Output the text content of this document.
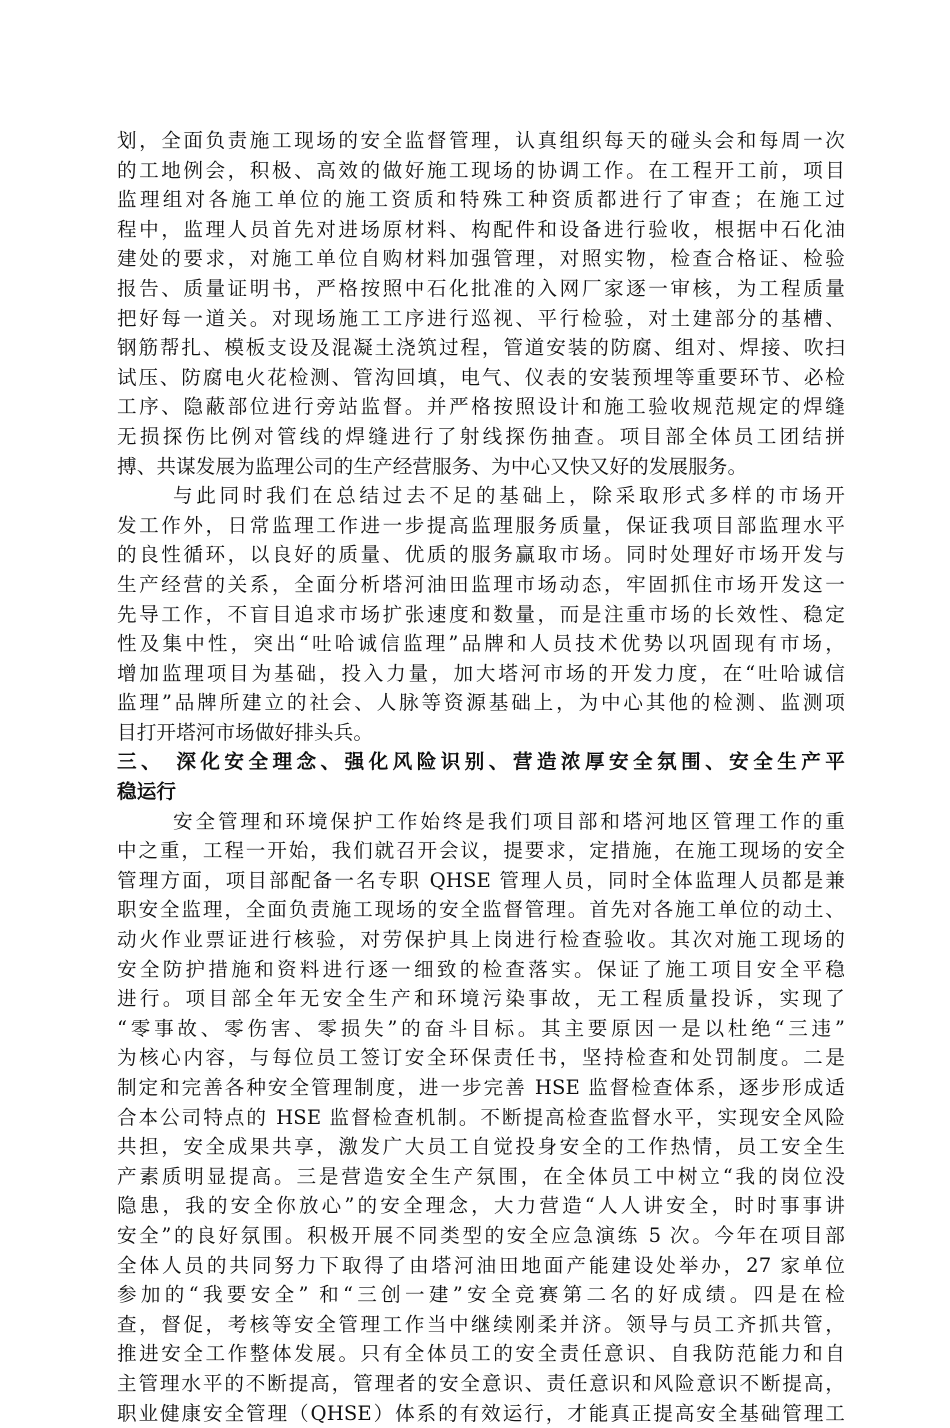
划，全面负责施工现场的安全监督管理，认真组织每天的碰头会和每周一次
的工地例会，积极、高效的做好施工现场的协调工作。在工程开工前，项目
监理组对各施工单位的施工资质和特殊工种资质都进行了审查；在施工过
程中，监理人员首先对进场原材料、构配件和设备进行验收，根据中石化油
建处的要求，对施工单位自购材料加强管理，对照实物，检查合格证、检验
报告、质量证明书，严格按照中石化批准的入网厂家逐一审核，为工程质量
把好每一道关。对现场施工工序进行巡视、平行检验，对土建部分的基槽、
钢筋帮扎、模板支设及混凝土浇筑过程，管道安装的防腐、组对、焊接、吹扫
试压、防腐电火花检测、管沟回填，电气、仪表的安装预埋等重要环节、必检
工序、隐蔽部位进行旁站监督。并严格按照设计和施工验收规范规定的焊缝
无损探伤比例对管线的焊缝进行了射线探伤抽查。项目部全体员工团结拼
搏、共谋发展为监理公司的生产经营服务、为中心又快又好的发展服务。
与此同时我们在总结过去不足的基础上，除采取形式多样的市场开
发工作外，日常监理工作进一步提高监理服务质量，保证我项目部监理水平
的良性循环，以良好的质量、优质的服务赢取市场。同时处理好市场开发与
生产经营的关系，全面分析塔河油田监理市场动态，牢固抓住市场开发这一
先导工作，不盲目追求市场扩张速度和数量，而是注重市场的长效性、稳定
性及集中性，突出“吐哈诚信监理”品牌和人员技术优势以巩固现有市场，
增加监理项目为基础，投入力量，加大塔河市场的开发力度，在“吐哈诚信
监理”品牌所建立的社会、人脉等资源基础上，为中心其他的检测、监测项
目打开塔河市场做好排头兵。
三、 深化安全理念、强化风险识别、营造浓厚安全氛围、安全生产平
稳运行
安全管理和环境保护工作始终是我们项目部和塔河地区管理工作的重
中之重，工程一开始，我们就召开会议，提要求，定措施，在施工现场的安全
管理方面，项目部配备一名专职 QHSE 管理人员，同时全体监理人员都是兼
职安全监理，全面负责施工现场的安全监督管理。首先对各施工单位的动土、
动火作业票证进行核验，对劳保护具上岗进行检查验收。其次对施工现场的
安全防护措施和资料进行逐一细致的检查落实。保证了施工项目安全平稳
进行。项目部全年无安全生产和环境污染事故，无工程质量投诉，实现了
“零事故、零伤害、零损失”的奋斗目标。其主要原因一是以杜绝“三违”
为核心内容，与每位员工签订安全环保责任书，坚持检查和处罚制度。二是
制定和完善各种安全管理制度，进一步完善 HSE 监督检查体系，逐步形成适
合本公司特点的 HSE 监督检查机制。不断提高检查监督水平，实现安全风险
共担，安全成果共享，激发广大员工自觉投身安全的工作热情，员工安全生
产素质明显提高。三是营造安全生产氛围，在全体员工中树立“我的岗位没
隐患，我的安全你放心”的安全理念，大力营造“人人讲安全，时时事事讲
安全”的良好氛围。积极开展不同类型的安全应急演练 5 次。今年在项目部
全体人员的共同努力下取得了由塔河油田地面产能建设处举办，27 家单位
参加的“我要安全” 和“三创一建”安全竞赛第二名的好成绩。四是在检
查，督促，考核等安全管理工作当中继续刚柔并济。领导与员工齐抓共管，
推进安全工作整体发展。只有全体员工的安全责任意识、自我防范能力和自
主管理水平的不断提高，管理者的安全意识、责任意识和风险意识不断提高，
职业健康安全管理（QHSE）体系的有效运行，才能真正提高安全基础管理工
